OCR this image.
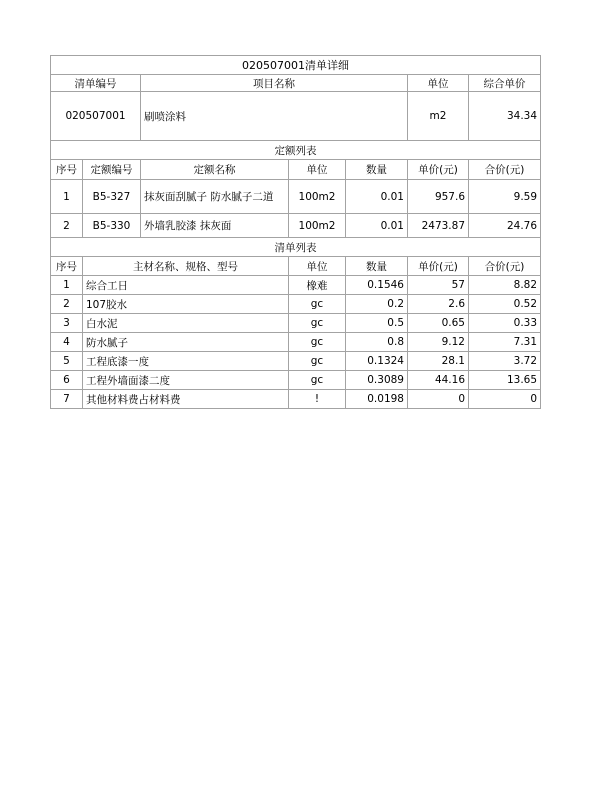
020507001清单详细						
清单编号		项目名称			单位	综合单价
020507001		刷喷涂料			m2	34.34
定额列表						
序号	定额编号	定额名称	单位	数量	单价(元)	合价(元)
1	B5-327	抹灰面刮腻子 防水腻子二道	100m2	0.01	957.6	9.59
2	B5-330	外墙乳胶漆 抹灰面	100m2	0.01	2473.87	24.76
清单列表						
序号	主材名称、规格、型号		单位	数量	单价(元)	合价(元)
1	综合工日		橡难	0.1546	57	8.82
2	107胶水		gc	0.2	2.6	0.52
3	白水泥		gc	0.5	0.65	0.33
4	防水腻子		gc	0.8	9.12	7.31
5	工程底漆一度		gc	0.1324	28.1	3.72
6	工程外墙面漆二度		gc	0.3089	44.16	13.65
7	其他材料费占材料费		!	0.0198	0	0
